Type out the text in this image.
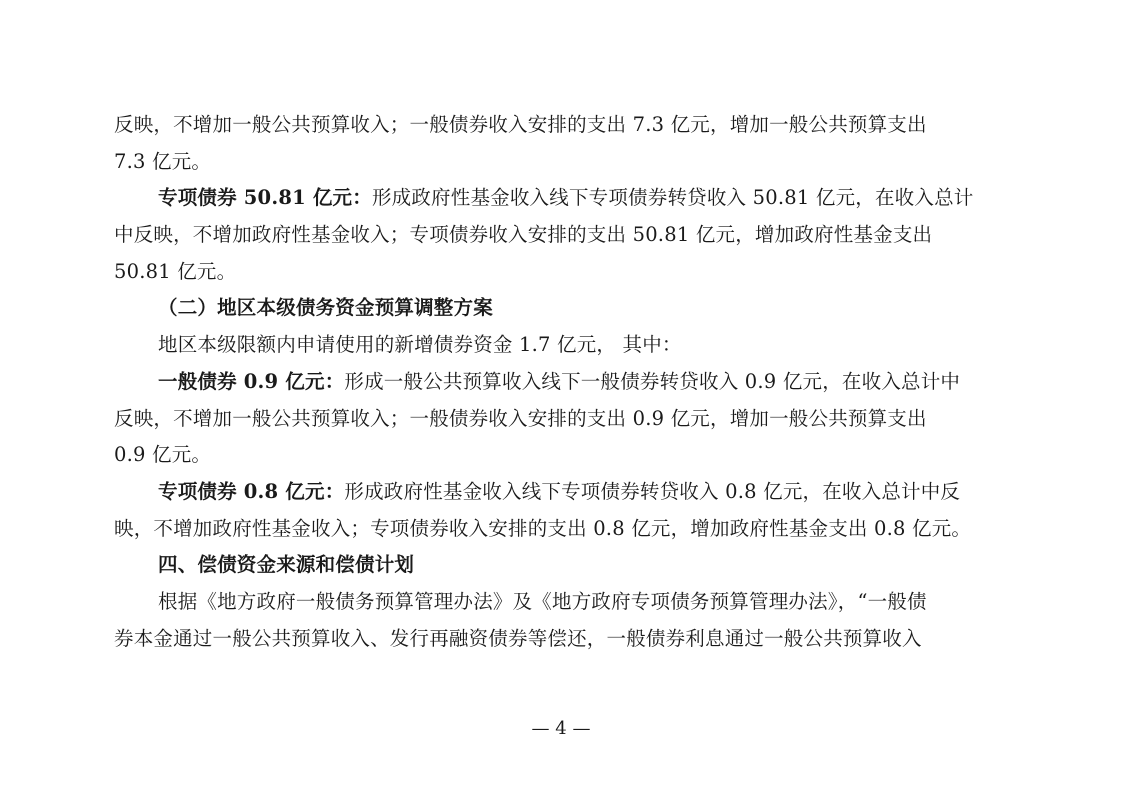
反映，不增加一般公共预算收入；一般债券收入安排的支出 7.3 亿元，增加一般公共预算支出
7.3 亿元。
专项债券 50.81 亿元：形成政府性基金收入线下专项债券转贷收入 50.81 亿元，在收入总计
中反映，不增加政府性基金收入；专项债券收入安排的支出 50.81 亿元，增加政府性基金支出
50.81 亿元。
（二）地区本级债务资金预算调整方案
地区本级限额内申请使用的新增债券资金 1.7 亿元， 其中：
一般债券 0.9 亿元：形成一般公共预算收入线下一般债券转贷收入 0.9 亿元，在收入总计中
反映，不增加一般公共预算收入；一般债券收入安排的支出 0.9 亿元，增加一般公共预算支出
0.9 亿元。
专项债券 0.8 亿元：形成政府性基金收入线下专项债券转贷收入 0.8 亿元，在收入总计中反
映，不增加政府性基金收入；专项债券收入安排的支出 0.8 亿元，增加政府性基金支出 0.8 亿元。
四、偿债资金来源和偿债计划
根据《地方政府一般债务预算管理办法》及《地方政府专项债务预算管理办法》，“一般债
券本金通过一般公共预算收入、发行再融资债券等偿还，一般债券利息通过一般公共预算收入
— 4 —
